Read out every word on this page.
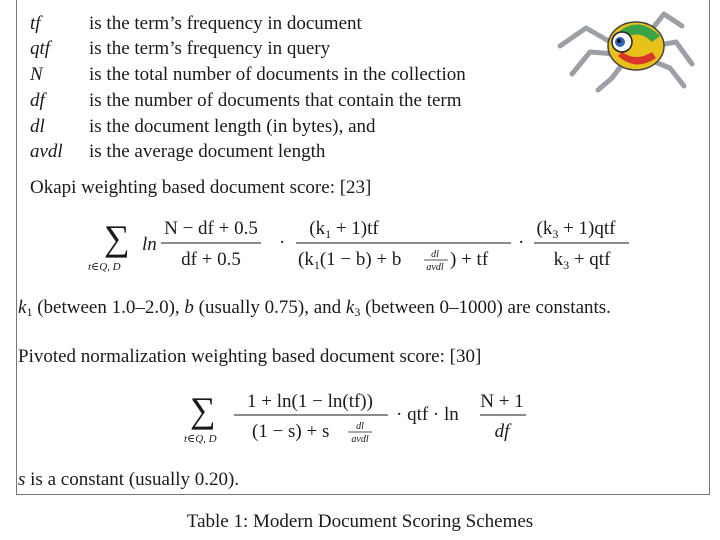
tf	is the term’s frequency in document
qtf	is the term’s frequency in query
N	is the total number of documents in the collection
df	is the number of documents that contain the term
dl	is the document length (in bytes), and
avdl	is the average document length
Okapi weighting based document score: [23]
∑
t∈Q, D
ln
N − df + 0.5
df + 0.5
·
$(k_1 + 1)tf$
($k_1(1 - b) + b$	dl
avdl ) + tf
·
$(k_3 + 1)qtf$
$k_3$ + qtf
$k_1$ (between 1.0–2.0), b (usually 0.75), and $k_3$ (between 0–1000) are constants.
Pivoted normalization weighting based document score: [30]
∑
t∈Q, D
1 + ln(1 − ln(tf))
(1 − s) + s	dl
avdl
· qtf · ln
N + 1
df
s is a constant (usually 0.20).
Table 1: Modern Document Scoring Schemes
